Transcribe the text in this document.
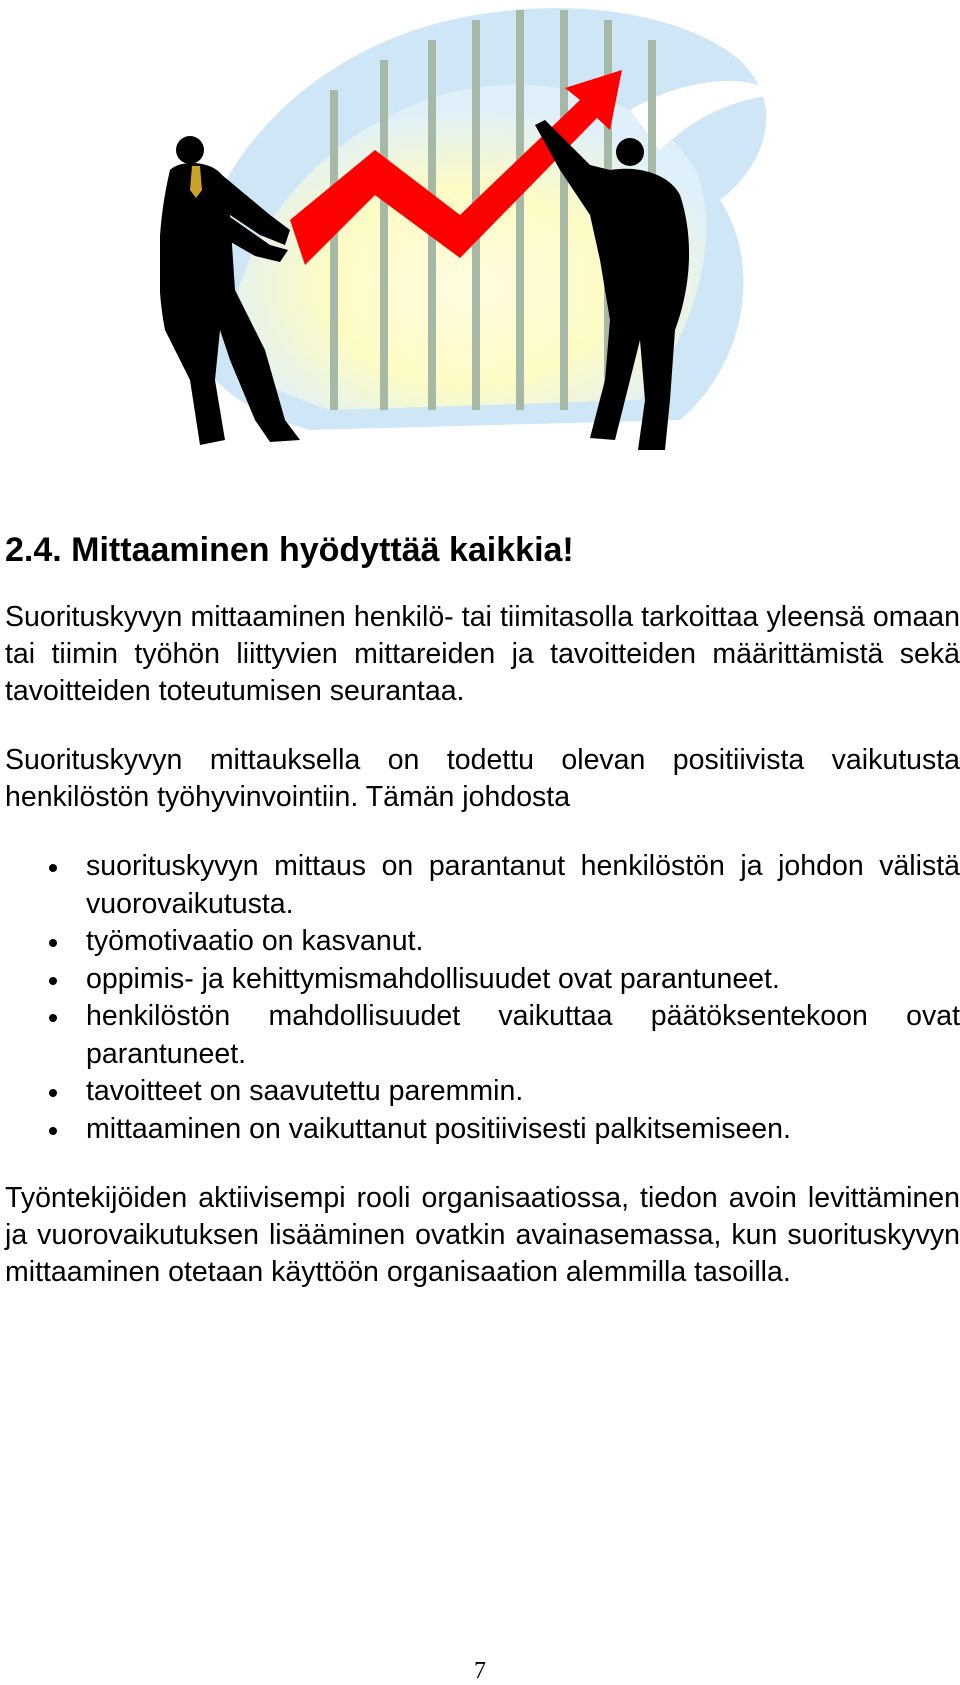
2.4. Mittaaminen hyödyttää kaikkia!

Suorituskyvyn mittaaminen henkilö- tai tiimitasolla tarkoittaa yleensä omaan tai tiimin työhön liittyvien mittareiden ja tavoitteiden määrittämistä sekä tavoitteiden toteutumisen seurantaa.

Suorituskyvyn mittauksella on todettu olevan positiivista vaikutusta henkilöstön työhyvinvointiin. Tämän johdosta

suorituskyvyn mittaus on parantanut henkilöstön ja johdon välistä vuorovaikutusta.
työmotivaatio on kasvanut.
oppimis- ja kehittymismahdollisuudet ovat parantuneet.
henkilöstön mahdollisuudet vaikuttaa päätöksentekoon ovat parantuneet.
tavoitteet on saavutettu paremmin.
mittaaminen on vaikuttanut positiivisesti palkitsemiseen.

Työntekijöiden aktiivisempi rooli organisaatiossa, tiedon avoin levittäminen ja vuorovaikutuksen lisääminen ovatkin avainasemassa, kun suorituskyvyn mittaaminen otetaan käyttöön organisaation alemmilla tasoilla.

7
